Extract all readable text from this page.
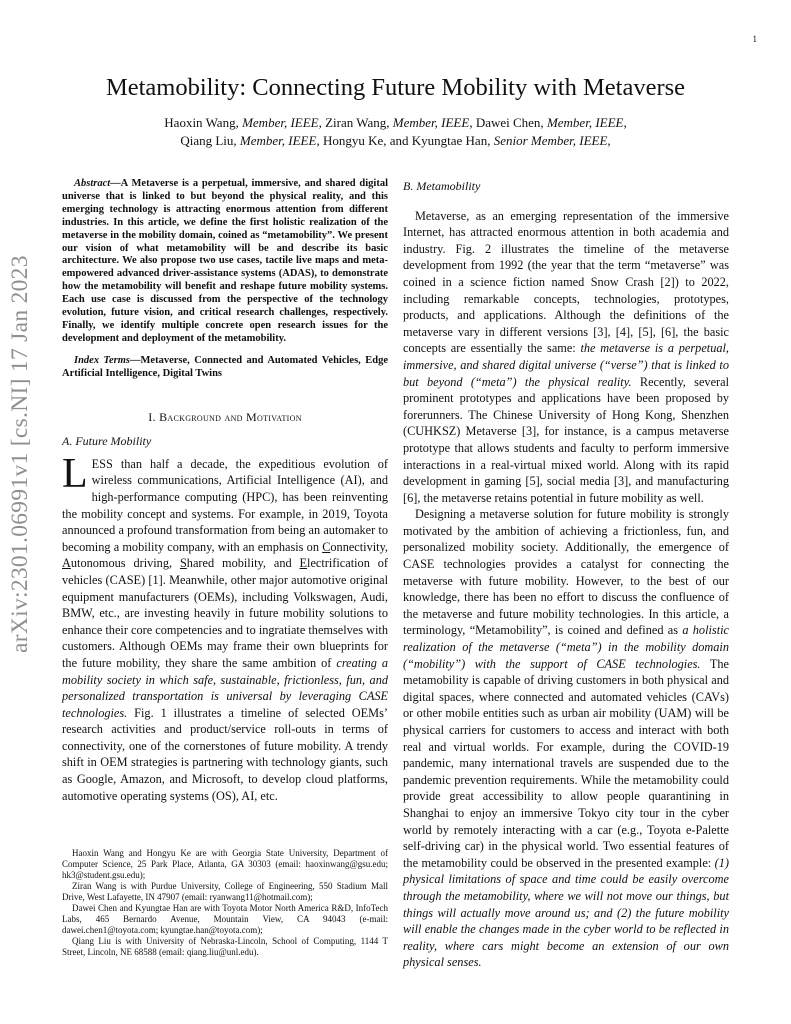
1
arXiv:2301.06991v1 [cs.NI] 17 Jan 2023
Metamobility: Connecting Future Mobility with Metaverse
Haoxin Wang, Member, IEEE, Ziran Wang, Member, IEEE, Dawei Chen, Member, IEEE,
Qiang Liu, Member, IEEE, Hongyu Ke, and Kyungtae Han, Senior Member, IEEE,

Abstract—A Metaverse is a perpetual, immersive, and shared digital universe that is linked to but beyond the physical reality, and this emerging technology is attracting enormous attention from different industries. In this article, we define the first holistic realization of the metaverse in the mobility domain, coined as “metamobility”. We present our vision of what metamobility will be and describe its basic architecture. We also propose two use cases, tactile live maps and meta-empowered advanced driver-assistance systems (ADAS), to demonstrate how the metamobility will benefit and reshape future mobility systems. Each use case is discussed from the perspective of the technology evolution, future vision, and critical research challenges, respectively. Finally, we identify multiple concrete open research issues for the development and deployment of the metamobility.

Index Terms—Metaverse, Connected and Automated Vehicles, Edge Artificial Intelligence, Digital Twins

I. Background and Motivation
A. Future Mobility

LESS than half a decade, the expeditious evolution of wireless communications, Artificial Intelligence (AI), and high-performance computing (HPC), has been reinventing the mobility concept and systems. For example, in 2019, Toyota announced a profound transformation from being an automaker to becoming a mobility company, with an emphasis on Connectivity, Autonomous driving, Shared mobility, and Electrification of vehicles (CASE) [1]. Meanwhile, other major automotive original equipment manufacturers (OEMs), including Volkswagen, Audi, BMW, etc., are investing heavily in future mobility solutions to enhance their core competencies and to ingratiate themselves with customers. Although OEMs may frame their own blueprints for the future mobility, they share the same ambition of creating a mobility society in which safe, sustainable, frictionless, fun, and personalized transportation is universal by leveraging CASE technologies. Fig. 1 illustrates a timeline of selected OEMs’ research activities and product/service roll-outs in terms of connectivity, one of the cornerstones of future mobility. A trendy shift in OEM strategies is partnering with technology giants, such as Google, Amazon, and Microsoft, to develop cloud platforms, automotive operating systems (OS), AI, etc.

Haoxin Wang and Hongyu Ke are with Georgia State University, Department of Computer Science, 25 Park Place, Atlanta, GA 30303 (email: haoxinwang@gsu.edu; hk3@student.gsu.edu);

Ziran Wang is with Purdue University, College of Engineering, 550 Stadium Mall Drive, West Lafayette, IN 47907 (email: ryanwang11@hotmail.com);

Dawei Chen and Kyungtae Han are with Toyota Motor North America R&D, InfoTech Labs, 465 Bernardo Avenue, Mountain View, CA 94043 (e-mail: dawei.chen1@toyota.com; kyungtae.han@toyota.com);

Qiang Liu is with University of Nebraska-Lincoln, School of Computing, 1144 T Street, Lincoln, NE 68588 (email: qiang.liu@unl.edu).

B. Metamobility

Metaverse, as an emerging representation of the immersive Internet, has attracted enormous attention in both academia and industry. Fig. 2 illustrates the timeline of the metaverse development from 1992 (the year that the term “metaverse” was coined in a science fiction named Snow Crash [2]) to 2022, including remarkable concepts, technologies, prototypes, products, and applications. Although the definitions of the metaverse vary in different versions [3], [4], [5], [6], the basic concepts are essentially the same: the metaverse is a perpetual, immersive, and shared digital universe (“verse”) that is linked to but beyond (“meta”) the physical reality. Recently, several prominent prototypes and applications have been proposed by forerunners. The Chinese University of Hong Kong, Shenzhen (CUHKSZ) Metaverse [3], for instance, is a campus metaverse prototype that allows students and faculty to perform immersive interactions in a real-virtual mixed world. Along with its rapid development in gaming [5], social media [3], and manufacturing [6], the metaverse retains potential in future mobility as well.

Designing a metaverse solution for future mobility is strongly motivated by the ambition of achieving a frictionless, fun, and personalized mobility society. Additionally, the emergence of CASE technologies provides a catalyst for connecting the metaverse with future mobility. However, to the best of our knowledge, there has been no effort to discuss the confluence of the metaverse and future mobility technologies. In this article, a terminology, “Metamobility”, is coined and defined as a holistic realization of the metaverse (“meta”) in the mobility domain (“mobility”) with the support of CASE technologies. The metamobility is capable of driving customers in both physical and digital spaces, where connected and automated vehicles (CAVs) or other mobile entities such as urban air mobility (UAM) will be physical carriers for customers to access and interact with both real and virtual worlds. For example, during the COVID-19 pandemic, many international travels are suspended due to the pandemic prevention requirements. While the metamobility could provide great accessibility to allow people quarantining in Shanghai to enjoy an immersive Tokyo city tour in the cyber world by remotely interacting with a car (e.g., Toyota e-Palette self-driving car) in the physical world. Two essential features of the metamobility could be observed in the presented example: (1) physical limitations of space and time could be easily overcome through the metamobility, where we will not move our things, but things will actually move around us; and (2) the future mobility will enable the changes made in the cyber world to be reflected in reality, where cars might become an extension of our own physical senses.
